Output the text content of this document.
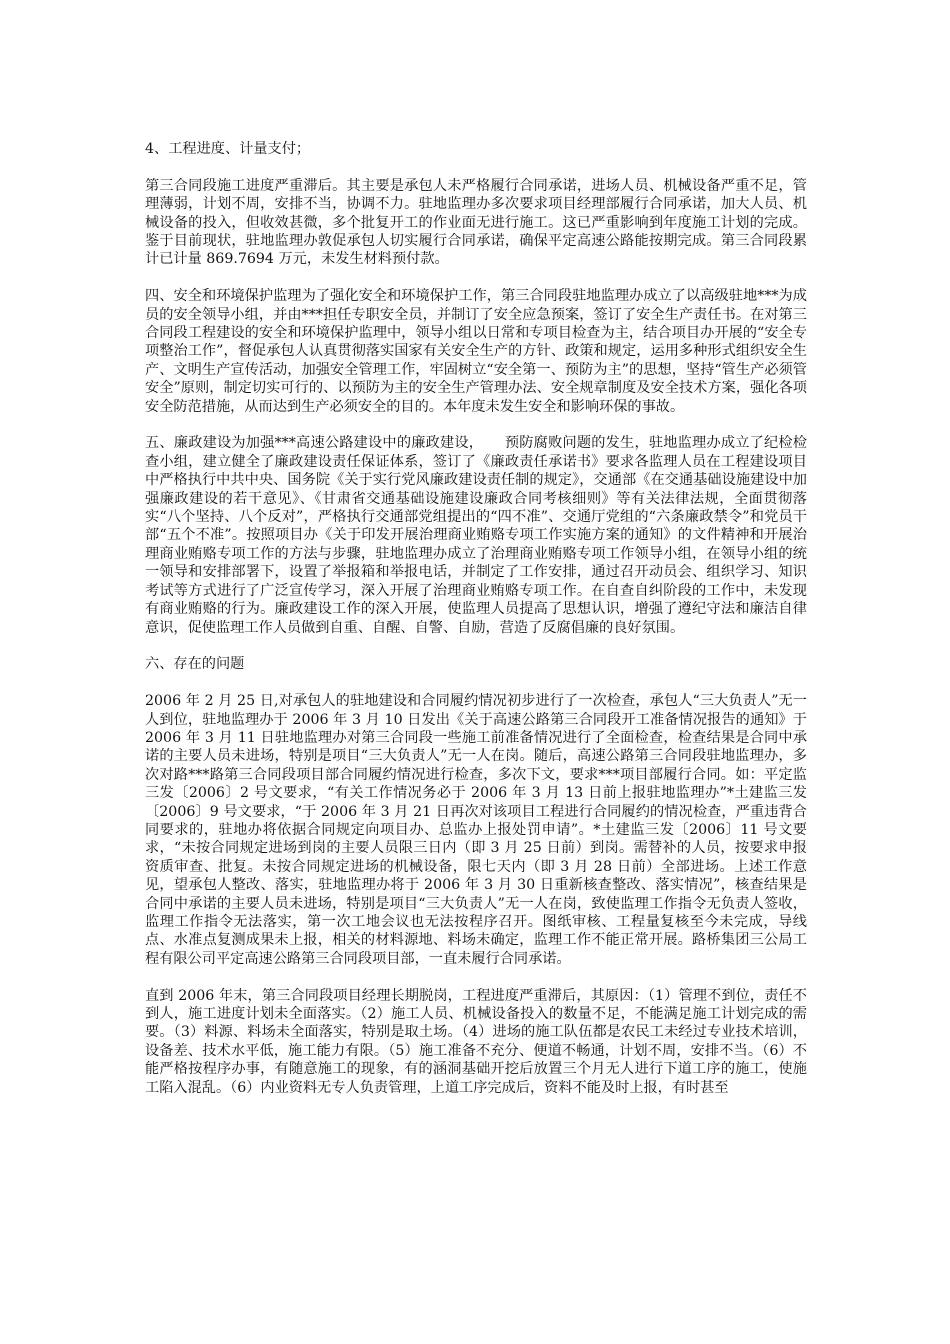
4、工程进度、计量支付；

第三合同段施工进度严重滞后。其主要是承包人未严格履行合同承诺，进场人员、机械设备严重不足，管理薄弱，计划不周，安排不当，协调不力。驻地监理办多次要求项目经理部履行合同承诺，加大人员、机械设备的投入，但收效甚微，多个批复开工的作业面无进行施工。这已严重影响到年度施工计划的完成。鉴于目前现状，驻地监理办敦促承包人切实履行合同承诺，确保平定高速公路能按期完成。第三合同段累计已计量 869.7694 万元，未发生材料预付款。

四、安全和环境保护监理为了强化安全和环境保护工作，第三合同段驻地监理办成立了以高级驻地***为成员的安全领导小组，并由***担任专职安全员，并制订了安全应急预案，签订了安全生产责任书。在对第三合同段工程建设的安全和环境保护监理中，领导小组以日常和专项目检查为主，结合项目办开展的“安全专项整治工作”，督促承包人认真贯彻落实国家有关安全生产的方针、政策和规定，运用多种形式组织安全生产、文明生产宣传活动，加强安全管理工作，牢固树立“安全第一、预防为主”的思想，坚持“管生产必须管安全”原则，制定切实可行的、以预防为主的安全生产管理办法、安全规章制度及安全技术方案，强化各项安全防范措施，从而达到生产必须安全的目的。本年度未发生安全和影响环保的事故。

五、廉政建设为加强***高速公路建设中的廉政建设，　　预防腐败问题的发生，驻地监理办成立了纪检检查小组，建立健全了廉政建设责任保证体系，签订了《廉政责任承诺书》要求各监理人员在工程建设项目中严格执行中共中央、国务院《关于实行党风廉政建设责任制的规定》，交通部《在交通基础设施建设中加强廉政建设的若干意见》、《甘肃省交通基础设施建设廉政合同考核细则》等有关法律法规，全面贯彻落实“八个坚持、八个反对”，严格执行交通部党组提出的“四不准”、交通厅党组的“六条廉政禁令”和党员干部“五个不准”。按照项目办《关于印发开展治理商业贿赂专项工作实施方案的通知》的文件精神和开展治理商业贿赂专项工作的方法与步骤，驻地监理办成立了治理商业贿赂专项工作领导小组，在领导小组的统一领导和安排部署下，设置了举报箱和举报电话，并制定了工作安排，通过召开动员会、组织学习、知识考试等方式进行了广泛宣传学习，深入开展了治理商业贿赂专项工作。在自查自纠阶段的工作中，未发现有商业贿赂的行为。廉政建设工作的深入开展，使监理人员提高了思想认识，增强了遵纪守法和廉洁自律意识，促使监理工作人员做到自重、自醒、自警、自励，营造了反腐倡廉的良好氛围。

六、存在的问题

2006 年 2 月 25 日,对承包人的驻地建设和合同履约情况初步进行了一次检查，承包人“三大负责人”无一人到位，驻地监理办于 2006 年 3 月 10 日发出《关于高速公路第三合同段开工准备情况报告的通知》于 2006 年 3 月 11 日驻地监理办对第三合同段一些施工前准备情况进行了全面检查，检查结果是合同中承诺的主要人员未进场，特别是项目“三大负责人”无一人在岗。随后，高速公路第三合同段驻地监理办，多次对路***路第三合同段项目部合同履约情况进行检查，多次下文，要求***项目部履行合同。如：平定监三发〔2006〕2 号文要求，“有关工作情况务必于 2006 年 3 月 13 日前上报驻地监理办”*土建监三发〔2006〕9 号文要求，“于 2006 年 3 月 21 日再次对该项目工程进行合同履约的情况检查，严重违背合同要求的，驻地办将依据合同规定向项目办、总监办上报处罚申请”。*土建监三发〔2006〕11 号文要求，“未按合同规定进场到岗的主要人员限三日内（即 3 月 25 日前）到岗。需替补的人员，按要求申报资质审查、批复。未按合同规定进场的机械设备，限七天内（即 3 月 28 日前）全部进场。上述工作意见，望承包人整改、落实，驻地监理办将于 2006 年 3 月 30 日重新核查整改、落实情况”，核查结果是合同中承诺的主要人员未进场，特别是项目“三大负责人”无一人在岗，致使监理工作指令无负责人签收，监理工作指令无法落实，第一次工地会议也无法按程序召开。图纸审核、工程量复核至今未完成，导线点、水准点复测成果未上报，相关的材料源地、料场未确定，监理工作不能正常开展。路桥集团三公局工程有限公司平定高速公路第三合同段项目部，一直未履行合同承诺。

直到 2006 年末，第三合同段项目经理长期脱岗，工程进度严重滞后，其原因：（1）管理不到位，责任不到人，施工进度计划未全面落实。（2）施工人员、机械设备投入的数量不足，不能满足施工计划完成的需要。（3）料源、料场未全面落实，特别是取土场。（4）进场的施工队伍都是农民工未经过专业技术培训，设备差、技术水平低，施工能力有限。（5）施工准备不充分、便道不畅通，计划不周，安排不当。（6）不能严格按程序办事，有随意施工的现象，有的涵洞基础开挖后放置三个月无人进行下道工序的施工，使施工陷入混乱。（6）内业资料无专人负责管理，上道工序完成后，资料不能及时上报，有时甚至
